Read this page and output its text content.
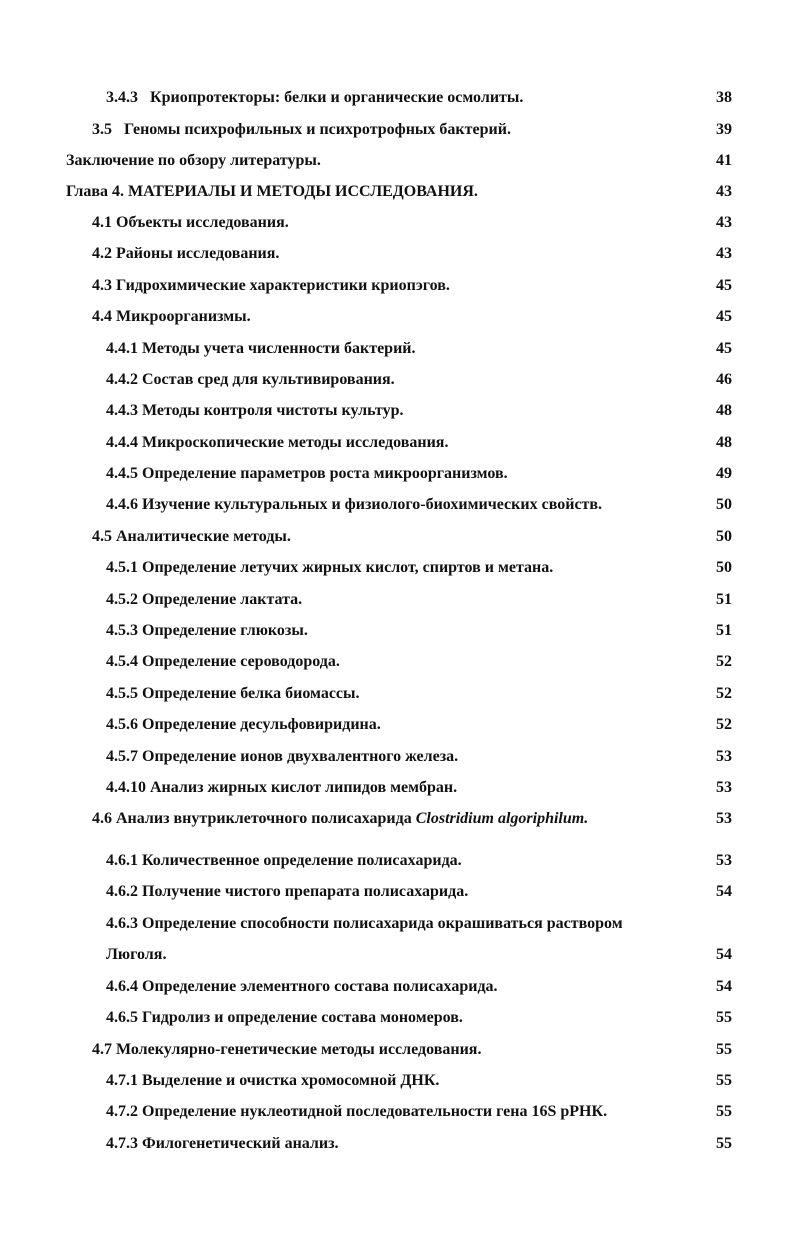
3.4.3 Криопротекторы: белки и органические осмолиты.	38
3.5 Геномы психрофильных и психротрофных бактерий.	39
Заключение по обзору литературы.	41
Глава 4. МАТЕРИАЛЫ И МЕТОДЫ ИССЛЕДОВАНИЯ.	43
4.1 Объекты исследования.	43
4.2 Районы исследования.	43
4.3 Гидрохимические характеристики криопэгов.	45
4.4 Микроорганизмы.	45
4.4.1 Методы учета численности бактерий.	45
4.4.2 Состав сред для культивирования.	46
4.4.3 Методы контроля чистоты культур.	48
4.4.4 Микроскопические методы исследования.	48
4.4.5 Определение параметров роста микроорганизмов.	49
4.4.6 Изучение культуральных и физиолого-биохимических свойств.	50
4.5 Аналитические методы.	50
4.5.1 Определение летучих жирных кислот, спиртов и метана.	50
4.5.2 Определение лактата.	51
4.5.3 Определение глюкозы.	51
4.5.4 Определение сероводорода.	52
4.5.5 Определение белка биомассы.	52
4.5.6 Определение десульфовиридина.	52
4.5.7 Определение ионов двухвалентного железа.	53
4.4.10 Анализ жирных кислот липидов мембран.	53
4.6 Анализ внутриклеточного полисахарида Clostridium algoriphilum.	53
4.6.1 Количественное определение полисахарида.	53
4.6.2 Получение чистого препарата полисахарида.	54
4.6.3 Определение способности полисахарида окрашиваться раствором
Люголя.	54
4.6.4 Определение элементного состава полисахарида.	54
4.6.5 Гидролиз и определение состава мономеров.	55
4.7 Молекулярно-генетические методы исследования.	55
4.7.1 Выделение и очистка хромосомной ДНК.	55
4.7.2 Определение нуклеотидной последовательности гена 16S рРНК.	55
4.7.3 Филогенетический анализ.	55
